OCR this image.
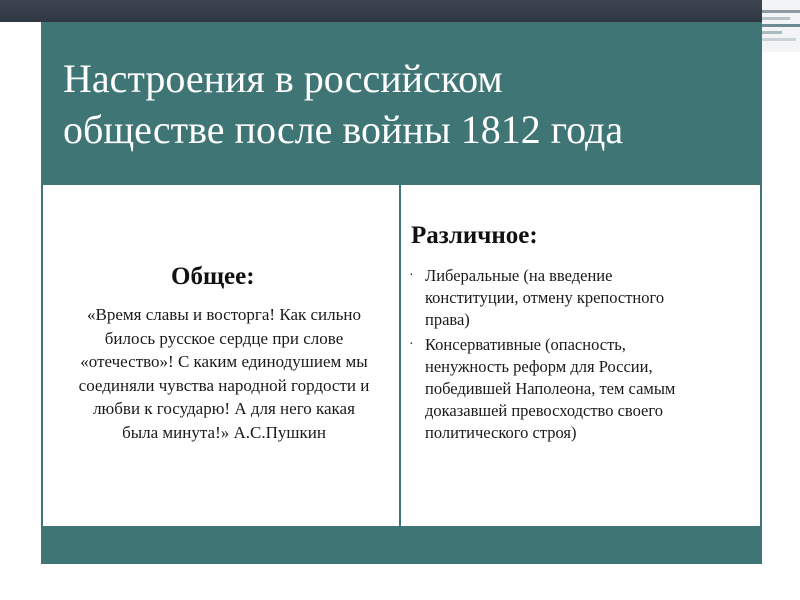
Настроения в российском
обществе после войны 1812 года

Общее:

«Время славы и восторга! Как сильно
билось русское сердце при слове
«отечество»! С каким единодушием мы
соединяли чувства народной гордости и
любви к государю! А для него какая
была минута!» А.С.Пушкин

Различное:

· Либеральные (на введение
конституции, отмену крепостного
права)
· Консервативные (опасность,
ненужность реформ для России,
победившей Наполеона, тем самым
доказавшей превосходство своего
политического строя)
